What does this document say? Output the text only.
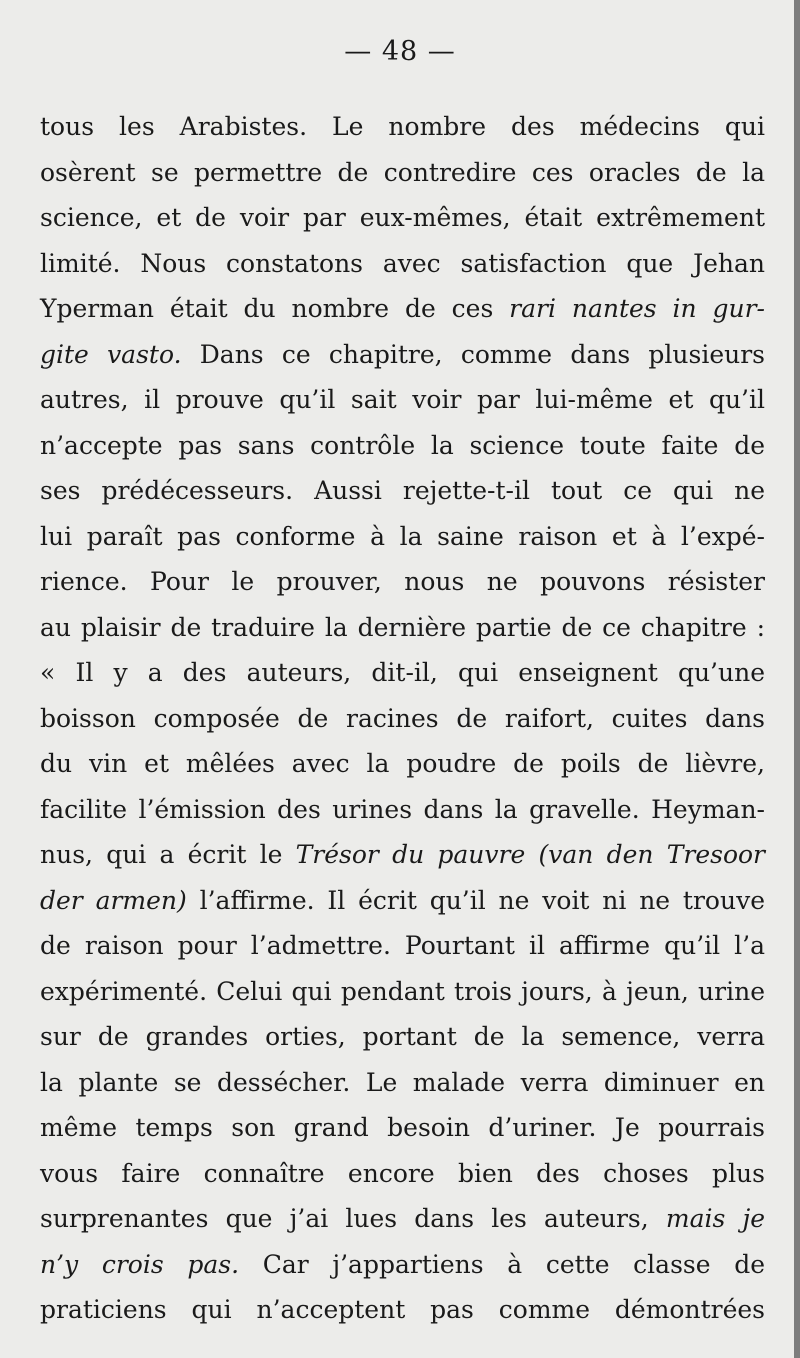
— 48 —
tous les Arabistes. Le nombre des médecins qui
osèrent se permettre de contredire ces oracles de la
science, et de voir par eux-mêmes, était extrêmement
limité. Nous constatons avec satisfaction que Jehan
Yperman était du nombre de ces rari nantes in gur-
gite vasto. Dans ce chapitre, comme dans plusieurs
autres, il prouve qu’il sait voir par lui-même et qu’il
n’accepte pas sans contrôle la science toute faite de
ses prédécesseurs. Aussi rejette-t-il tout ce qui ne
lui paraît pas conforme à la saine raison et à l’expé-
rience. Pour le prouver, nous ne pouvons résister
au plaisir de traduire la dernière partie de ce chapitre :
« Il y a des auteurs, dit-il, qui enseignent qu’une
boisson composée de racines de raifort, cuites dans
du vin et mêlées avec la poudre de poils de lièvre,
facilite l’émission des urines dans la gravelle. Heyman-
nus, qui a écrit le Trésor du pauvre (van den Tresoor
der armen) l’affirme. Il écrit qu’il ne voit ni ne trouve
de raison pour l’admettre. Pourtant il affirme qu’il l’a
expérimenté. Celui qui pendant trois jours, à jeun, urine
sur de grandes orties, portant de la semence, verra
la plante se dessécher. Le malade verra diminuer en
même temps son grand besoin d’uriner. Je pourrais
vous faire connaître encore bien des choses plus
surprenantes que j’ai lues dans les auteurs, mais je
n’y crois pas. Car j’appartiens à cette classe de
praticiens qui n’acceptent pas comme démontrées
